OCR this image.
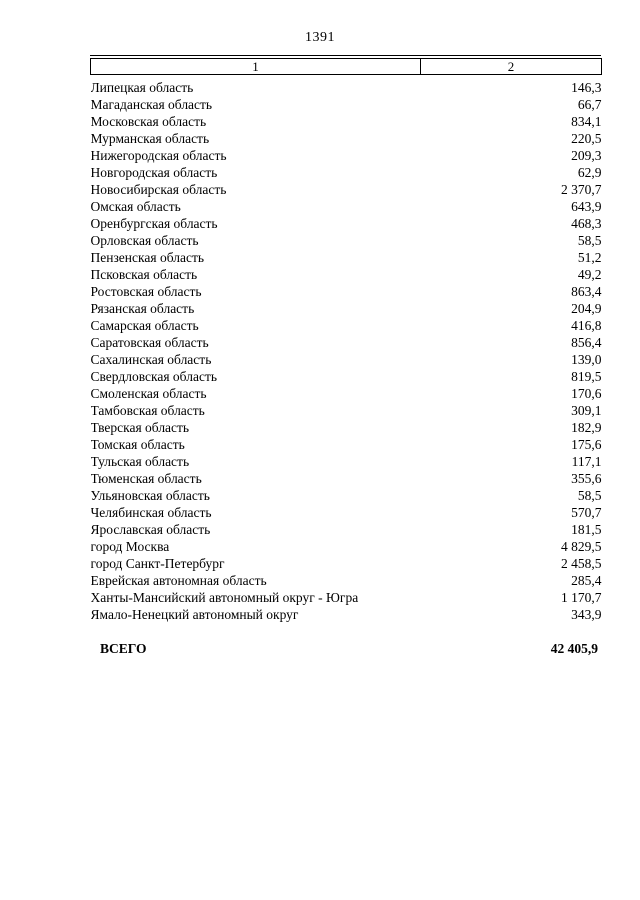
1391
1	2
Липецкая область	146,3
Магаданская область	66,7
Московская область	834,1
Мурманская область	220,5
Нижегородская область	209,3
Новгородская область	62,9
Новосибирская область	2 370,7
Омская область	643,9
Оренбургская область	468,3
Орловская область	58,5
Пензенская область	51,2
Псковская область	49,2
Ростовская область	863,4
Рязанская область	204,9
Самарская область	416,8
Саратовская область	856,4
Сахалинская область	139,0
Свердловская область	819,5
Смоленская область	170,6
Тамбовская область	309,1
Тверская область	182,9
Томская область	175,6
Тульская область	117,1
Тюменская область	355,6
Ульяновская область	58,5
Челябинская область	570,7
Ярославская область	181,5
город Москва	4 829,5
город Санкт-Петербург	2 458,5
Еврейская автономная область	285,4
Ханты-Мансийский автономный округ - Югра	1 170,7
Ямало-Ненецкий автономный округ	343,9
ВСЕГО	42 405,9
